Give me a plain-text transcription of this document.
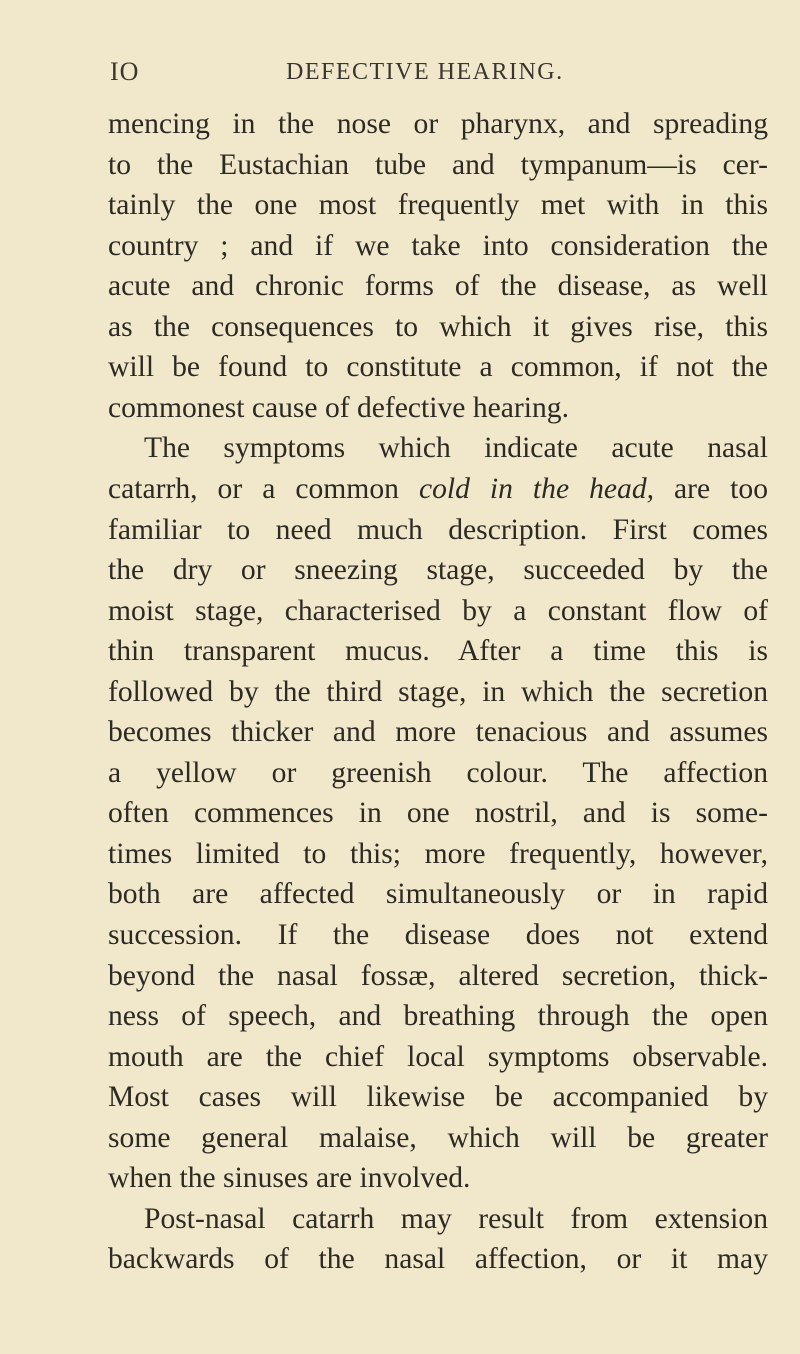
IO	DEFECTIVE HEARING.
mencing in the nose or pharynx, and spreading
to the Eustachian tube and tympanum—is cer-
tainly the one most frequently met with in this
country ; and if we take into consideration the
acute and chronic forms of the disease, as well
as the consequences to which it gives rise, this
will be found to constitute a common, if not the
commonest cause of defective hearing.
The symptoms which indicate acute nasal
catarrh, or a common cold in the head, are too
familiar to need much description. First comes
the dry or sneezing stage, succeeded by the
moist stage, characterised by a constant flow of
thin transparent mucus. After a time this is
followed by the third stage, in which the secretion
becomes thicker and more tenacious and assumes
a yellow or greenish colour. The affection
often commences in one nostril, and is some-
times limited to this; more frequently, however,
both are affected simultaneously or in rapid
succession. If the disease does not extend
beyond the nasal fossæ, altered secretion, thick-
ness of speech, and breathing through the open
mouth are the chief local symptoms observable.
Most cases will likewise be accompanied by
some general malaise, which will be greater
when the sinuses are involved.
Post-nasal catarrh may result from extension
backwards of the nasal affection, or it may
